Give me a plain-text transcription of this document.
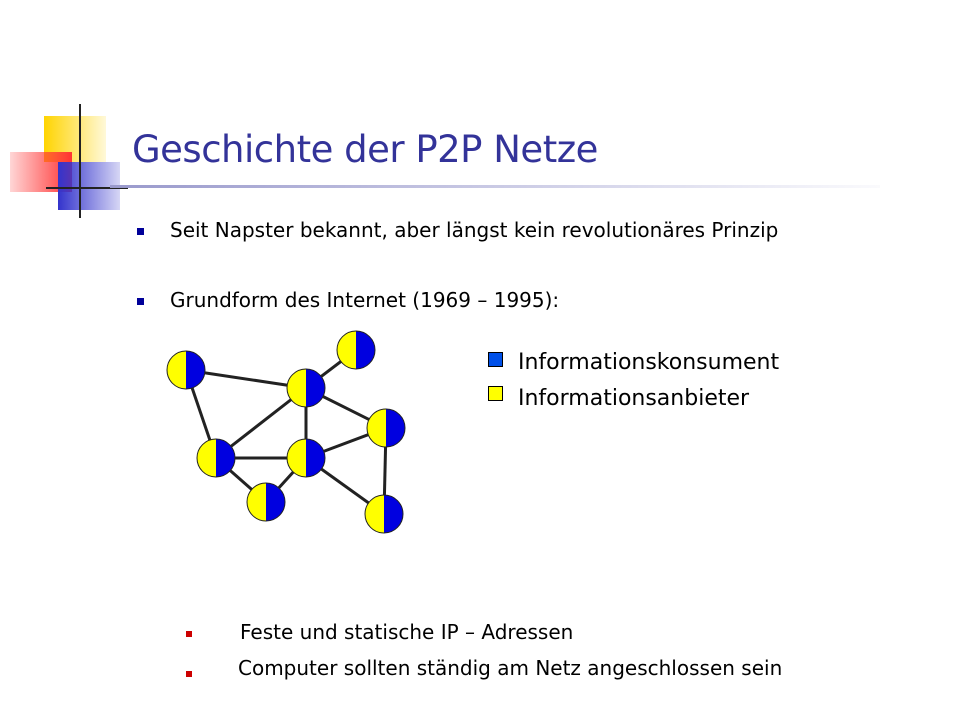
Geschichte der P2P Netze
Seit Napster bekannt, aber längst kein revolutionäres Prinzip
Grundform des Internet (1969 – 1995):
Informationskonsument
Informationsanbieter
Feste und statische IP – Adressen
Computer sollten ständig am Netz angeschlossen sein
